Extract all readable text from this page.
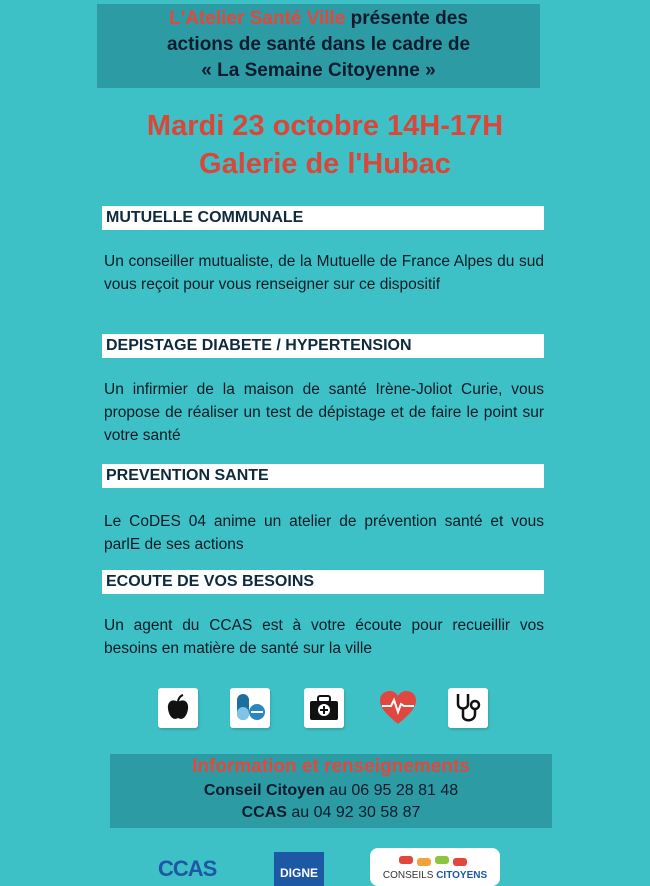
L'Atelier Santé Ville présente des
actions de santé dans le cadre de
« La Semaine Citoyenne »
Mardi 23 octobre 14H-17H
Galerie de l'Hubac
MUTUELLE COMMUNALE
Un conseiller mutualiste, de la Mutuelle de France Alpes du sud vous reçoit pour vous renseigner sur ce dispositif
DEPISTAGE DIABETE / HYPERTENSION
Un infirmier de la maison de santé Irène-Joliot Curie, vous propose de réaliser un test de dépistage et de faire le point sur votre santé
PREVENTION SANTE
Le CoDES 04 anime un atelier de prévention santé et vous parlE de ses actions
ECOUTE DE VOS BESOINS
Un agent du CCAS est à votre écoute pour recueillir vos besoins en matière de santé sur la ville
Information et renseignements
Conseil Citoyen au 06 95 28 81 48
CCAS au 04 92 30 58 87
CCAS	DIGNE	CONSEILS CITOYENS
